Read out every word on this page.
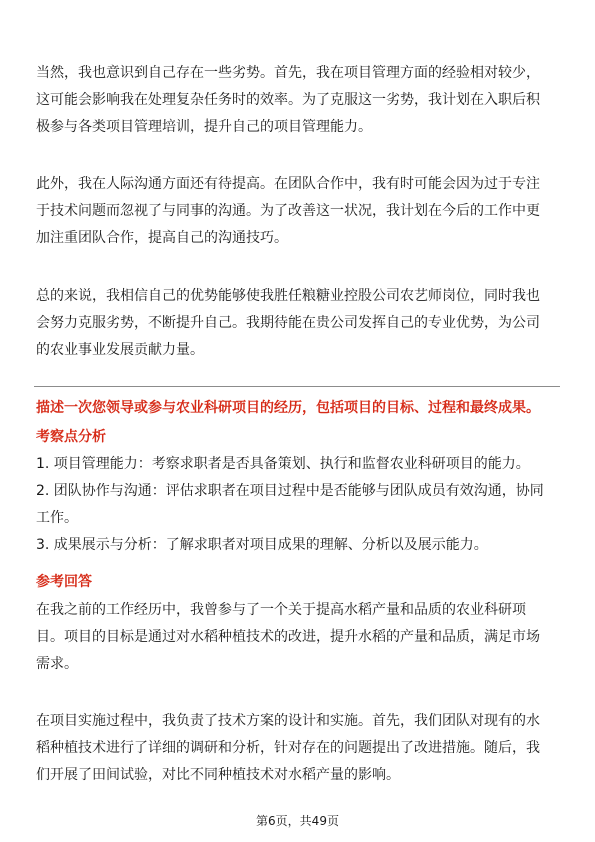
当然，我也意识到自己存在一些劣势。首先，我在项目管理方面的经验相对较少，
这可能会影响我在处理复杂任务时的效率。为了克服这一劣势，我计划在入职后积
极参与各类项目管理培训，提升自己的项目管理能力。
此外，我在人际沟通方面还有待提高。在团队合作中，我有时可能会因为过于专注
于技术问题而忽视了与同事的沟通。为了改善这一状况，我计划在今后的工作中更
加注重团队合作，提高自己的沟通技巧。
总的来说，我相信自己的优势能够使我胜任粮糖业控股公司农艺师岗位，同时我也
会努力克服劣势，不断提升自己。我期待能在贵公司发挥自己的专业优势，为公司
的农业事业发展贡献力量。
描述一次您领导或参与农业科研项目的经历，包括项目的目标、过程和最终成果。
考察点分析
1. 项目管理能力：考察求职者是否具备策划、执行和监督农业科研项目的能力。
2. 团队协作与沟通：评估求职者在项目过程中是否能够与团队成员有效沟通，协同
工作。
3. 成果展示与分析：了解求职者对项目成果的理解、分析以及展示能力。
参考回答
在我之前的工作经历中，我曾参与了一个关于提高水稻产量和品质的农业科研项
目。项目的目标是通过对水稻种植技术的改进，提升水稻的产量和品质，满足市场
需求。
在项目实施过程中，我负责了技术方案的设计和实施。首先，我们团队对现有的水
稻种植技术进行了详细的调研和分析，针对存在的问题提出了改进措施。随后，我
们开展了田间试验，对比不同种植技术对水稻产量的影响。
第6页，共49页
